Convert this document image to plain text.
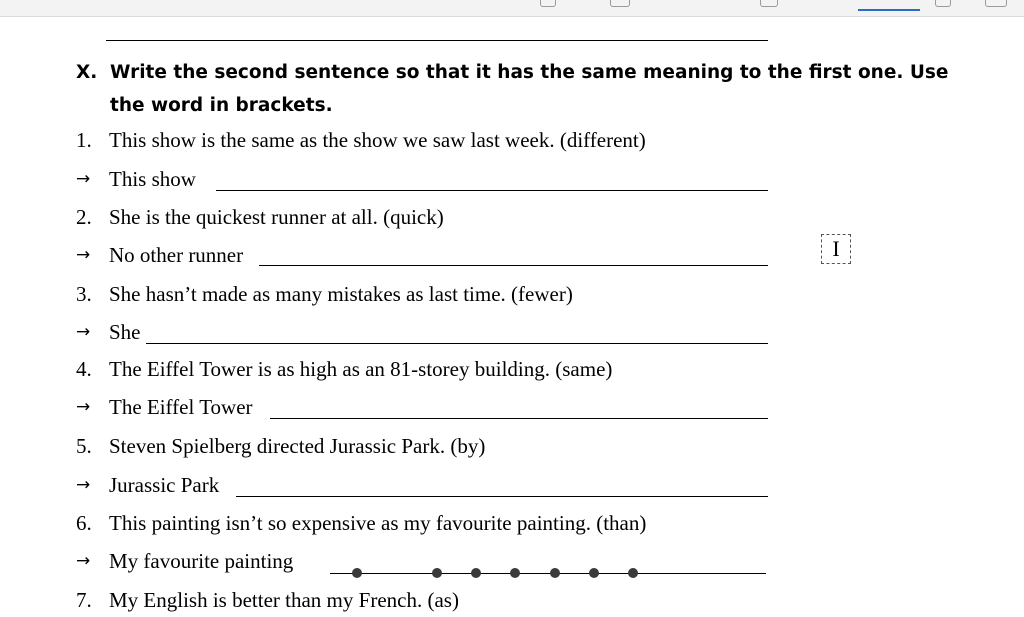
X. Write the second sentence so that it has the same meaning to the first one. Use the word in brackets.
1. This show is the same as the show we saw last week. (different)
→ This show
2. She is the quickest runner at all. (quick)
→ No other runner	I
3. She hasn’t made as many mistakes as last time. (fewer)
→ She
4. The Eiffel Tower is as high as an 81-storey building. (same)
→ The Eiffel Tower
5. Steven Spielberg directed Jurassic Park. (by)
→ Jurassic Park
6. This painting isn’t so expensive as my favourite painting. (than)
→ My favourite painting
7. My English is better than my French. (as)
